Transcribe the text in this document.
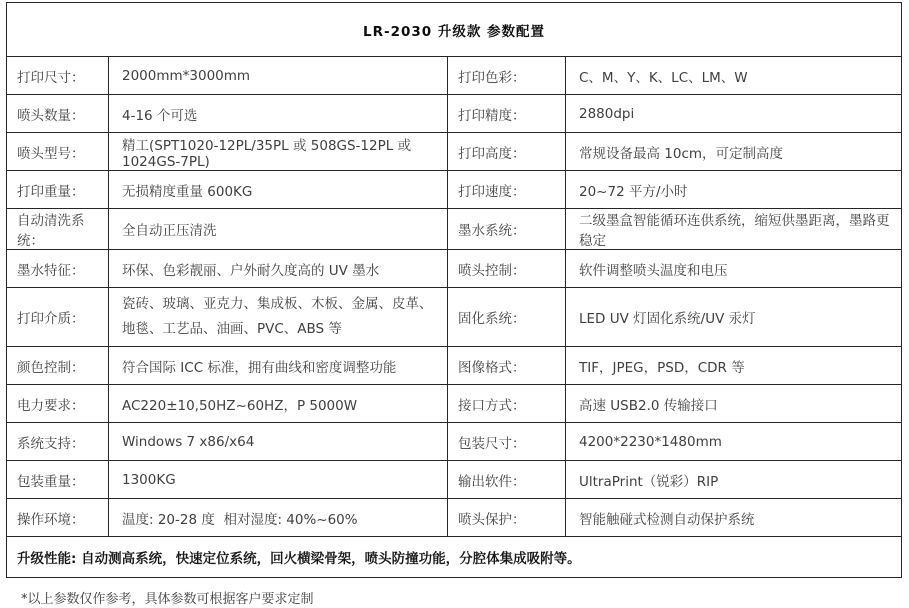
LR-2030 升级款 参数配置			
打印尺寸：	2000mm*3000mm	打印色彩：	C、M、Y、K、LC、LM、W
喷头数量：	4-16 个可选	打印精度：	2880dpi
喷头型号：	精工(SPT1020-12PL/35PL 或 508GS-12PL 或 1024GS-7PL)	打印高度：	常规设备最高 10cm，可定制高度
打印重量：	无损精度重量 600KG	打印速度：	20~72 平方/小时
自动清洗系统：	全自动正压清洗	墨水系统：	二级墨盒智能循环连供系统，缩短供墨距离，墨路更稳定
墨水特征：	环保、色彩靓丽、户外耐久度高的 UV 墨水	喷头控制：	软件调整喷头温度和电压
打印介质：	瓷砖、玻璃、亚克力、集成板、木板、金属、皮革、地毯、工艺品、油画、PVC、ABS 等	固化系统：	LED UV 灯固化系统/UV 汞灯
颜色控制：	符合国际 ICC 标准，拥有曲线和密度调整功能	图像格式：	TIF，JPEG，PSD，CDR 等
电力要求：	AC220±10,50HZ~60HZ，P 5000W	接口方式：	高速 USB2.0 传输接口
系统支持：	Windows 7 x86/x64	包装尺寸：	4200*2230*1480mm
包装重量：	1300KG	输出软件：	UltraPrint（锐彩）RIP
操作环境：	温度: 20-28 度  相对湿度: 40%~60%	喷头保护：	智能触碰式检测自动保护系统
升级性能: 自动测高系统，快速定位系统，回火横梁骨架，喷头防撞功能，分腔体集成吸附等。			
*以上参数仅作参考，具体参数可根据客户要求定制
